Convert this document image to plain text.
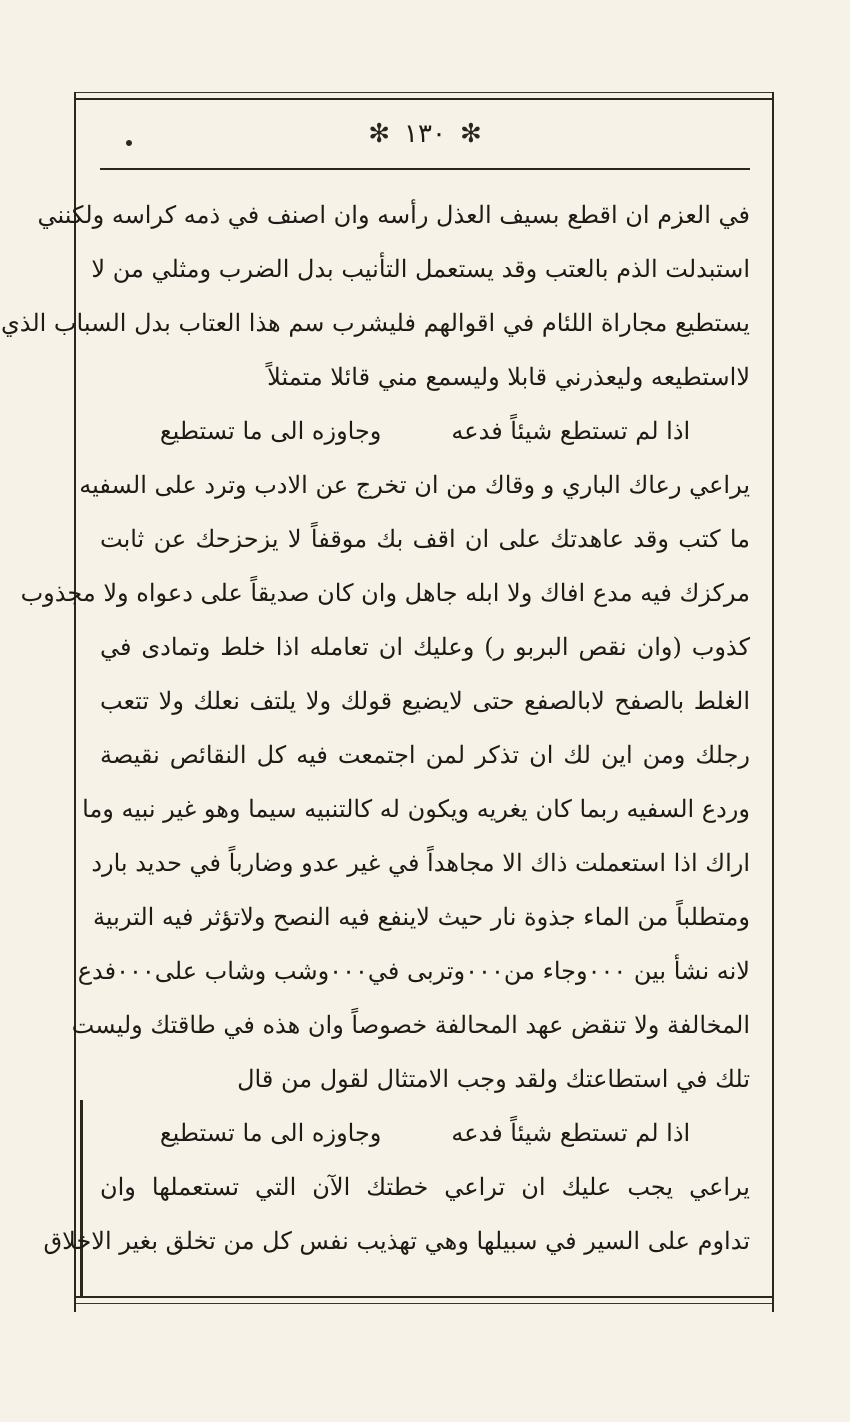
✻
١٣٠
✻
في العزم ان اقطع بسيف العذل رأسه وان اصنف في ذمه كراسه ولكنني
استبدلت الذم بالعتب وقد يستعمل التأنيب بدل الضرب ومثلي من لا
يستطيع مجاراة اللئام في اقوالهم فليشرب سم هذا العتاب بدل السباب الذي
لااستطيعه وليعذرني قابلا وليسمع مني قائلا متمثلاً
اذا لم تستطع شيئاً فدعه
وجاوزه الى ما تستطيع
يراعي رعاك الباري و وقاك من ان تخرج عن الادب وترد على السفيه
ما كتب وقد عاهدتك على ان اقف بك موقفاً لا يزحزحك عن ثابت
مركزك فيه مدع افاك ولا ابله جاهل وان كان صديقاً على دعواه ولا مجذوب
كذوب (وان نقص البربو ر) وعليك ان تعامله اذا خلط وتمادى في
الغلط بالصفح لابالصفع حتى لايضيع قولك ولا يلتف نعلك ولا تتعب
رجلك ومن اين لك ان تذكر لمن اجتمعت فيه كل النقائص نقيصة
وردع السفيه ربما كان يغريه ويكون له كالتنبيه سيما وهو غير نبيه وما
اراك اذا استعملت ذاك الا مجاهداً في غير عدو وضارباً في حديد بارد
ومتطلباً من الماء جذوة نار حيث لاينفع فيه النصح ولاتؤثر فيه التربية
لانه نشأ بين ٠٠٠وجاء من٠٠٠وتربى في٠٠٠وشب وشاب على٠٠٠فدع
المخالفة ولا تنقض عهد المحالفة خصوصاً وان هذه في طاقتك وليست
تلك في استطاعتك ولقد وجب الامتثال لقول من قال
اذا لم تستطع شيئاً فدعه
وجاوزه الى ما تستطيع
يراعي يجب عليك ان تراعي خطتك الآن التي تستعملها وان
تداوم على السير في سبيلها وهي تهذيب نفس كل من تخلق بغير الاخلاق
